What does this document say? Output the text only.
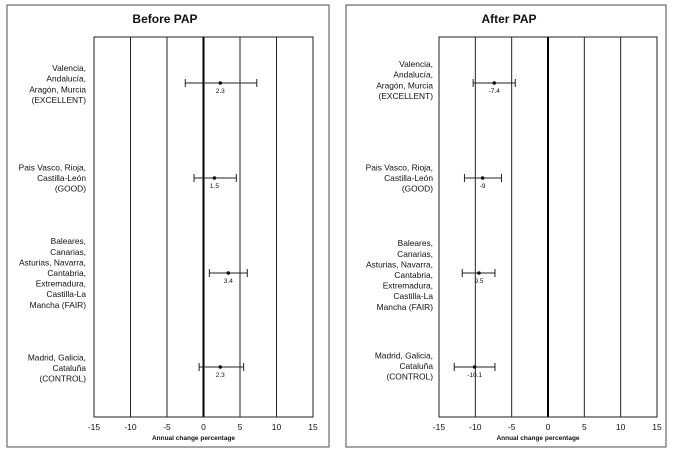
Before PAP
-15	-10	-5	0	5	10	15
Annual change percentage
Valencia, Andalucía, Aragón, Murcia (EXCELLENT)
Pais Vasco, Rioja, Castilla-León (GOOD)
Baleares, Canarias, Asturias, Navarra, Cantabria, Extremadura, Castilla-La Mancha (FAIR)
Madrid, Galicia, Cataluña (CONTROL)
2.3
1.5
3.4
2.3
After PAP
-15	-10	-5	0	5	10	15
Annual change percentage
Valencia, Andalucía, Aragón, Murcia (EXCELLENT)
Pais Vasco, Rioja, Castilla-León (GOOD)
Baleares, Canarias, Asturias, Navarra, Cantabria, Extremadura, Castilla-La Mancha (FAIR)
Madrid, Galicia, Cataluña (CONTROL)
-7.4
-9
9.5
-10.1
